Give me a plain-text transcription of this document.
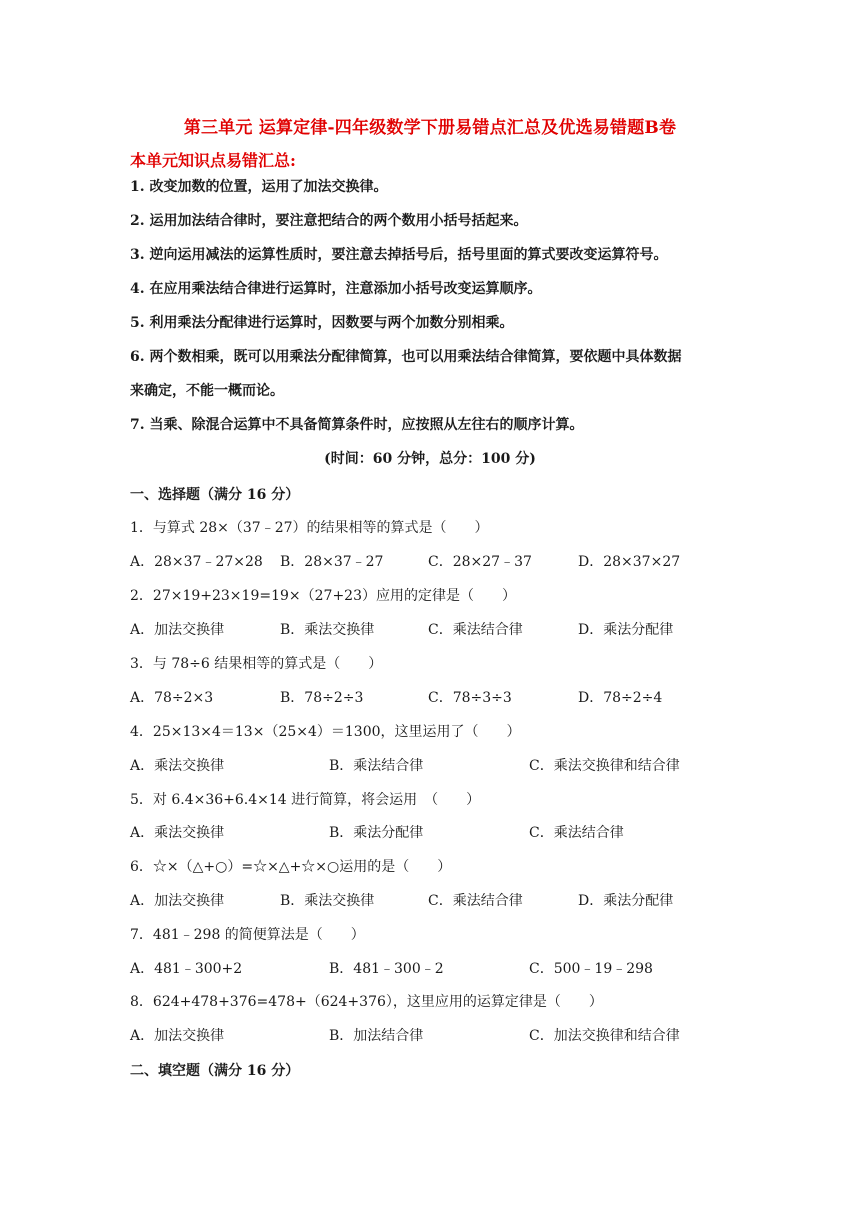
第三单元 运算定律-四年级数学下册易错点汇总及优选易错题B卷
本单元知识点易错汇总:
1. 改变加数的位置，运用了加法交换律。
2. 运用加法结合律时，要注意把结合的两个数用小括号括起来。
3. 逆向运用减法的运算性质时，要注意去掉括号后，括号里面的算式要改变运算符号。
4. 在应用乘法结合律进行运算时，注意添加小括号改变运算顺序。
5. 利用乘法分配律进行运算时，因数要与两个加数分别相乘。
6. 两个数相乘，既可以用乘法分配律简算，也可以用乘法结合律简算，要依题中具体数据
来确定，不能一概而论。
7. 当乘、除混合运算中不具备简算条件时，应按照从左往右的顺序计算。
(时间：60 分钟，总分：100 分)
一、选择题（满分 16 分）
1．与算式 28×（37﹣27）的结果相等的算式是（　　）
A．28×37﹣27×28 B．28×37﹣27	C．28×27﹣37	D．28×37×27
2．27×19+23×19=19×（27+23）应用的定律是（　　）
A．加法交换律	B．乘法交换律	C．乘法结合律	D．乘法分配律
3．与 78÷6 结果相等的算式是（　　）
A．78÷2×3	B．78÷2÷3	C．78÷3÷3	D．78÷2÷4
4．25×13×4＝13×（25×4）＝1300，这里运用了（　　）
A．乘法交换律	B．乘法结合律	C．乘法交换律和结合律
5．对 6.4×36+6.4×14 进行简算，将会运用　（　　）
A．乘法交换律	B．乘法分配律	C．乘法结合律
6．☆×（△+○）=☆×△+☆×○运用的是（　　）
A．加法交换律	B．乘法交换律	C．乘法结合律	D．乘法分配律
7．481﹣298 的简便算法是（　　）
A．481﹣300+2	B．481﹣300﹣2	C．500﹣19﹣298
8．624+478+376=478+（624+376），这里应用的运算定律是（　　）
A．加法交换律	B．加法结合律	C．加法交换律和结合律
二、填空题（满分 16 分）
